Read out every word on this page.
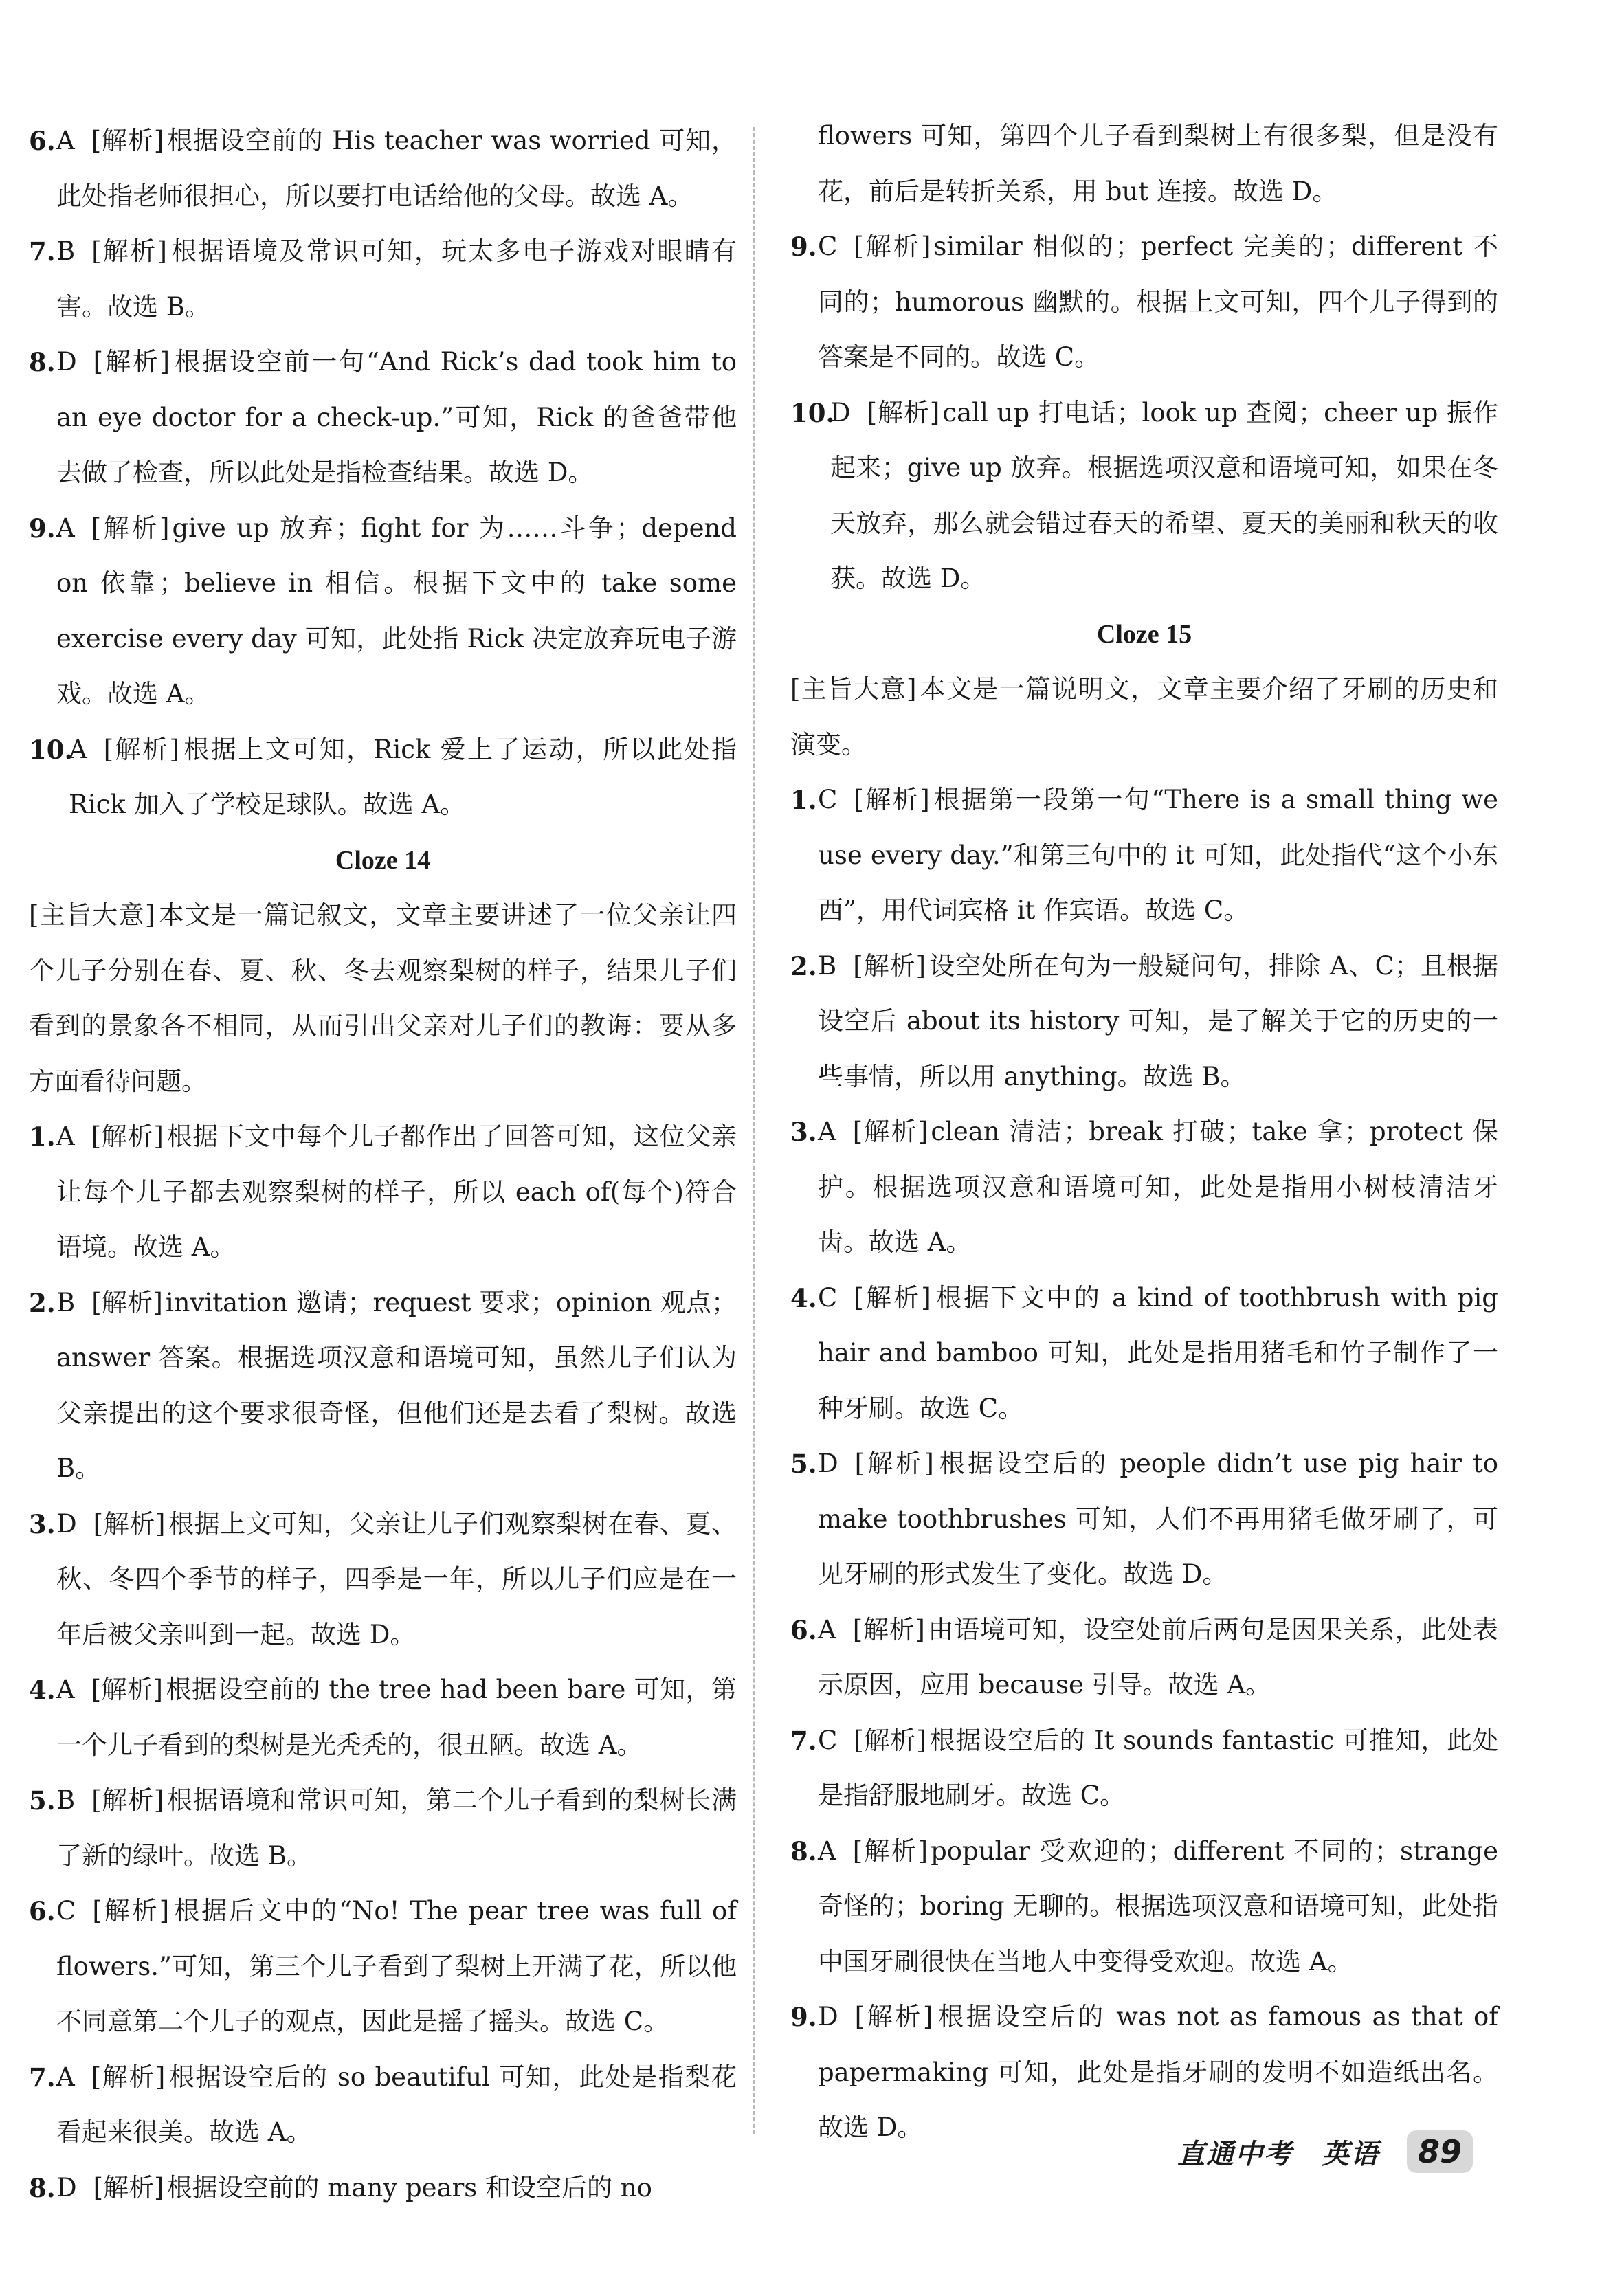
6. A [解析] 根据设空前的 His teacher was worried 可知，此处指老师很担心，所以要打电话给他的父母。故选 A。

7. B [解析] 根据语境及常识可知，玩太多电子游戏对眼睛有害。故选 B。

8. D [解析] 根据设空前一句“And Rick’s dad took him to an eye doctor for a check-up.”可知，Rick 的爸爸带他去做了检查，所以此处是指检查结果。故选 D。

9. A [解析] give up 放弃；fight for 为……斗争；depend on 依靠；believe in 相信。根据下文中的 take some exercise every day 可知，此处指 Rick 决定放弃玩电子游戏。故选 A。

10.
A [解析] 根据上文可知，Rick 爱上了运动，所以此处指 Rick 加入了学校足球队。故选 A。

Cloze 14

[主旨大意] 本文是一篇记叙文，文章主要讲述了一位父亲让四个儿子分别在春、夏、秋、冬去观察梨树的样子，结果儿子们看到的景象各不相同，从而引出父亲对儿子们的教诲：要从多方面看待问题。

1. A [解析] 根据下文中每个儿子都作出了回答可知，这位父亲让每个儿子都去观察梨树的样子，所以 each of(每个)符合语境。故选 A。

2. B [解析] invitation 邀请；request 要求；opinion 观点；answer 答案。根据选项汉意和语境可知，虽然儿子们认为父亲提出的这个要求很奇怪，但他们还是去看了梨树。故选 B。

3. D [解析] 根据上文可知，父亲让儿子们观察梨树在春、夏、秋、冬四个季节的样子，四季是一年，所以儿子们应是在一年后被父亲叫到一起。故选 D。

4. A [解析] 根据设空前的 the tree had been bare 可知，第一个儿子看到的梨树是光秃秃的，很丑陋。故选 A。

5. B [解析] 根据语境和常识可知，第二个儿子看到的梨树长满了新的绿叶。故选 B。

6. C [解析] 根据后文中的“No! The pear tree was full of flowers.”可知，第三个儿子看到了梨树上开满了花，所以他不同意第二个儿子的观点，因此是摇了摇头。故选 C。

7. A [解析] 根据设空后的 so beautiful 可知，此处是指梨花看起来很美。故选 A。

8. D [解析] 根据设空前的 many pears 和设空后的 no

flowers 可知，第四个儿子看到梨树上有很多梨，但是没有花，前后是转折关系，用 but 连接。故选 D。

9. C [解析] similar 相似的；perfect 完美的；different 不同的；humorous 幽默的。根据上文可知，四个儿子得到的答案是不同的。故选 C。

10.
D [解析] call up 打电话；look up 查阅；cheer up 振作起来；give up 放弃。根据选项汉意和语境可知，如果在冬天放弃，那么就会错过春天的希望、夏天的美丽和秋天的收获。故选 D。

Cloze 15

[主旨大意] 本文是一篇说明文，文章主要介绍了牙刷的历史和演变。

1. C [解析] 根据第一段第一句“There is a small thing we use every day.”和第三句中的 it 可知，此处指代“这个小东西”，用代词宾格 it 作宾语。故选 C。

2. B [解析] 设空处所在句为一般疑问句，排除 A、C；且根据设空后 about its history 可知，是了解关于它的历史的一些事情，所以用 anything。故选 B。

3. A [解析] clean 清洁；break 打破；take 拿；protect 保护。根据选项汉意和语境可知，此处是指用小树枝清洁牙齿。故选 A。

4. C [解析] 根据下文中的 a kind of toothbrush with pig hair and bamboo 可知，此处是指用猪毛和竹子制作了一种牙刷。故选 C。

5. D [解析] 根据设空后的 people didn’t use pig hair to make toothbrushes 可知，人们不再用猪毛做牙刷了，可见牙刷的形式发生了变化。故选 D。

6. A [解析] 由语境可知，设空处前后两句是因果关系，此处表示原因，应用 because 引导。故选 A。

7. C [解析] 根据设空后的 It sounds fantastic 可推知，此处是指舒服地刷牙。故选 C。

8. A [解析] popular 受欢迎的；different 不同的；strange 奇怪的；boring 无聊的。根据选项汉意和语境可知，此处指中国牙刷很快在当地人中变得受欢迎。故选 A。

9. D [解析] 根据设空后的 was not as famous as that of papermaking 可知，此处是指牙刷的发明不如造纸出名。故选 D。

直通中考　英语	89
